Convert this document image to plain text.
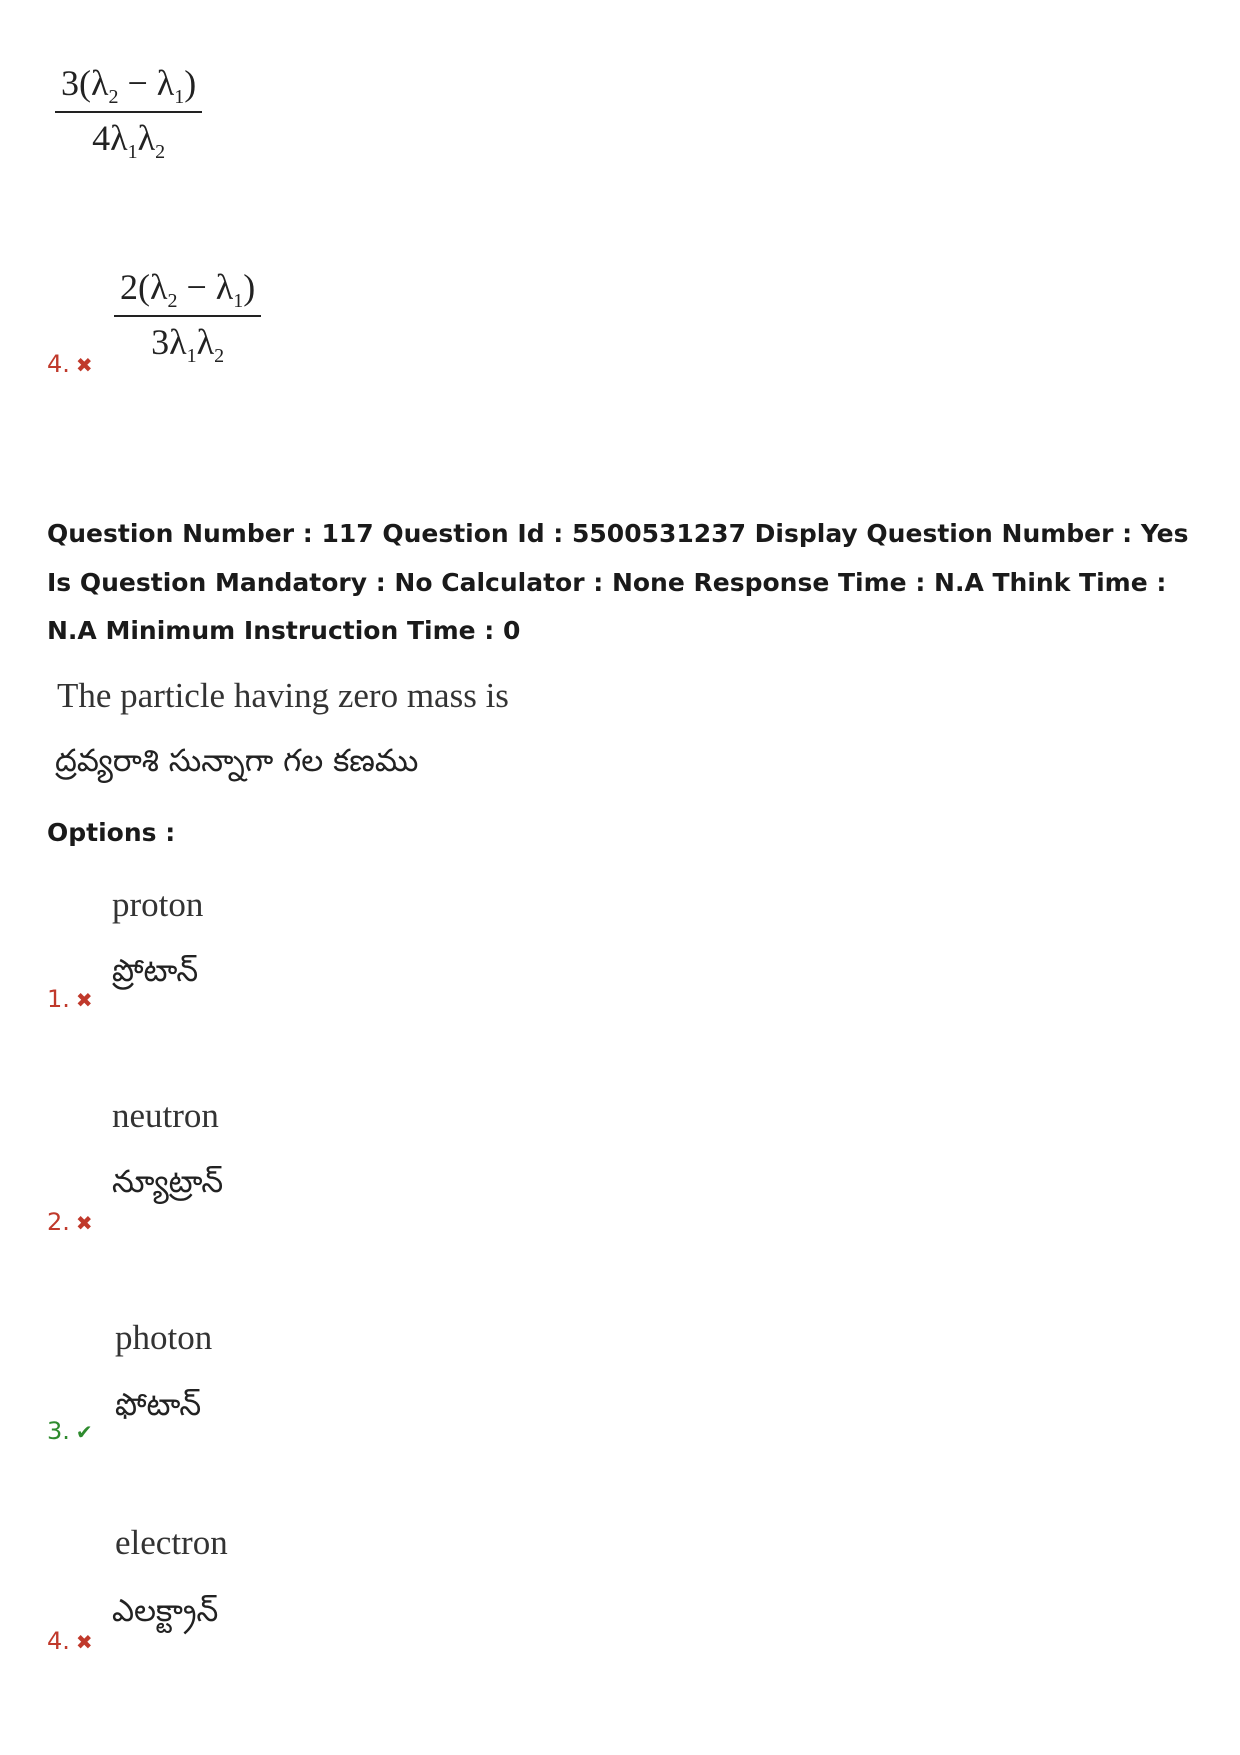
$3(\lambda_2 - \lambda_1)$
$4\lambda_1\lambda_2$
$2(\lambda_2 - \lambda_1)$
$3\lambda_1\lambda_2$
4. ✖
Question Number : 117 Question Id : 5500531237 Display Question Number : Yes Is Question Mandatory : No Calculator : None Response Time : N.A Think Time : N.A Minimum Instruction Time : 0
The particle having zero mass is
ద్రవ్యరాశి సున్నాగా గల కణము
Options :
proton
ప్రోటాన్
1. ✖
neutron
న్యూట్రాన్
2. ✖
photon
ఫోటాన్
3. ✔
electron
ఎలక్ట్రాన్
4. ✖
